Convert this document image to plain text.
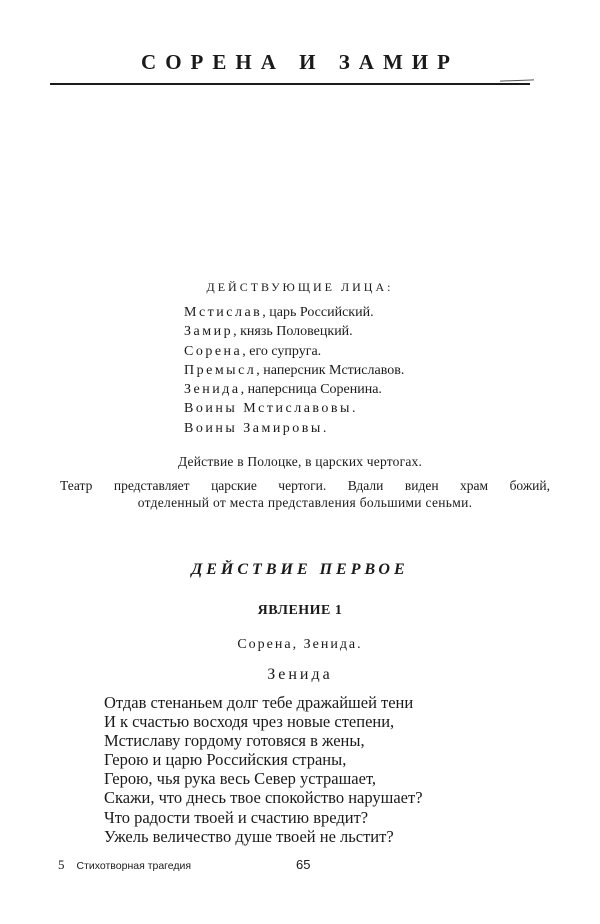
СОРЕНА И ЗАМИР
ДЕЙСТВУЮЩИЕ ЛИЦА:
Мстислав, царь Российский.
Замир, князь Половецкий.
Сорена, его супруга.
Премысл, наперсник Мстиславов.
Зенида, наперсница Соренина.
Воины Мстиславовы.
Воины Замировы.
Действие в Полоцке, в царских чертогах.
Театр представляет царские чертоги. Вдали виден храм божий,
отделенный от места представления большими сеньми.
ДЕЙСТВИЕ ПЕРВОЕ
ЯВЛЕНИЕ 1
Сорена, Зенида.
Зенида
Отдав стенаньем долг тебе дражайшей тени
И к счастью восходя чрез новые степени,
Мстиславу гордому готовяся в жены,
Герою и царю Российския страны,
Герою, чья рука весь Север устрашает,
Скажи, что днесь твое спокойство нарушает?
Что радости твоей и счастию вредит?
Ужель величество душе твоей не льстит?
5 Стихотворная трагедия	65
